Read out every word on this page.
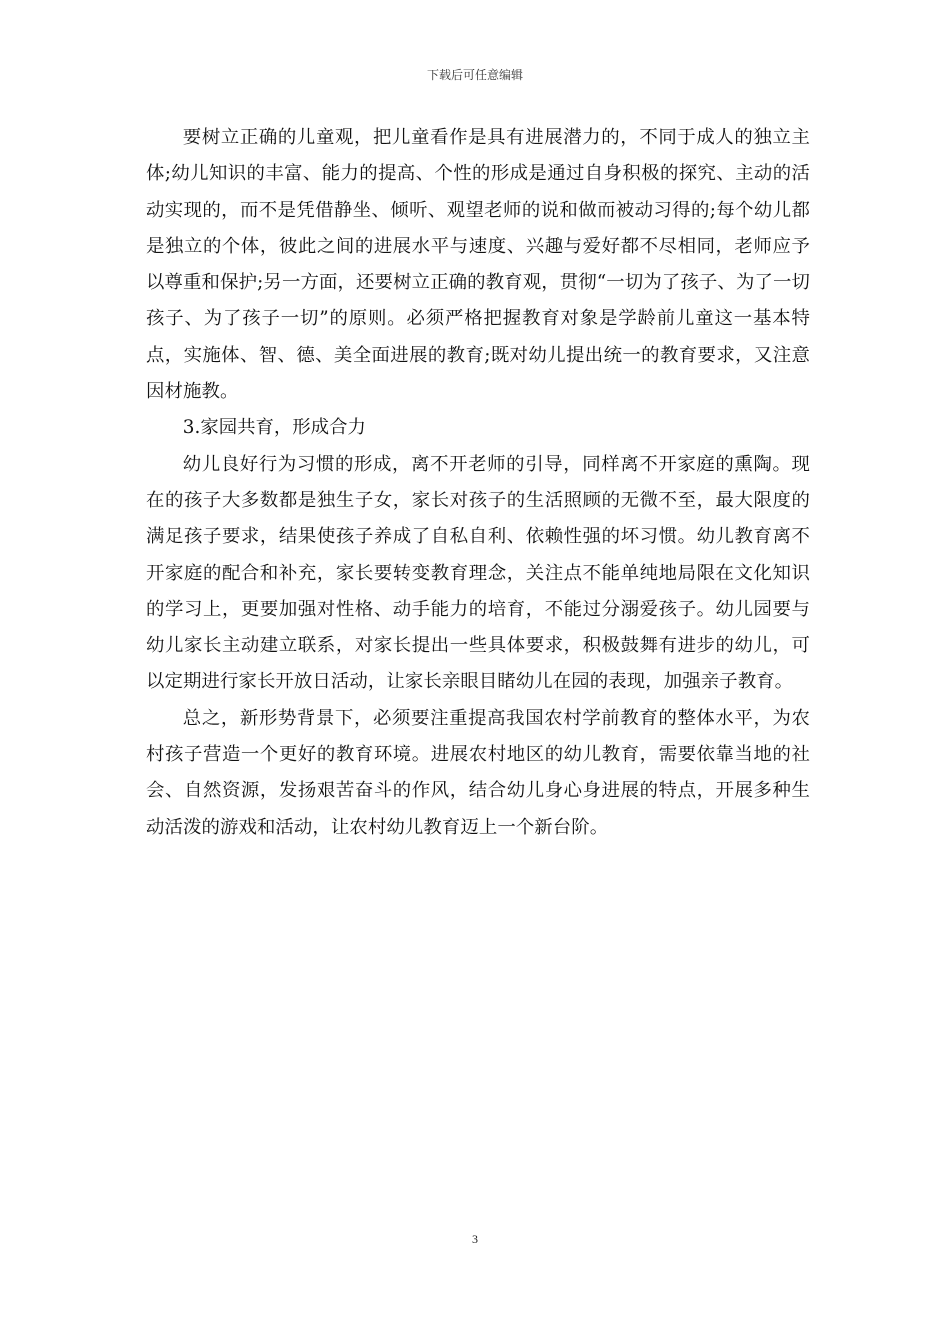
下载后可任意编辑

要树立正确的儿童观，把儿童看作是具有进展潜力的，不同于成人的独立主体;幼儿知识的丰富、能力的提高、个性的形成是通过自身积极的探究、主动的活动实现的，而不是凭借静坐、倾听、观望老师的说和做而被动习得的;每个幼儿都是独立的个体，彼此之间的进展水平与速度、兴趣与爱好都不尽相同，老师应予以尊重和保护;另一方面，还要树立正确的教育观，贯彻“一切为了孩子、为了一切孩子、为了孩子一切”的原则。必须严格把握教育对象是学龄前儿童这一基本特点，实施体、智、德、美全面进展的教育;既对幼儿提出统一的教育要求，又注意因材施教。

3.家园共育，形成合力

幼儿良好行为习惯的形成，离不开老师的引导，同样离不开家庭的熏陶。现在的孩子大多数都是独生子女，家长对孩子的生活照顾的无微不至，最大限度的满足孩子要求，结果使孩子养成了自私自利、依赖性强的坏习惯。幼儿教育离不开家庭的配合和补充，家长要转变教育理念，关注点不能单纯地局限在文化知识的学习上，更要加强对性格、动手能力的培育，不能过分溺爱孩子。幼儿园要与幼儿家长主动建立联系，对家长提出一些具体要求，积极鼓舞有进步的幼儿，可以定期进行家长开放日活动，让家长亲眼目睹幼儿在园的表现，加强亲子教育。

总之，新形势背景下，必须要注重提高我国农村学前教育的整体水平，为农村孩子营造一个更好的教育环境。进展农村地区的幼儿教育，需要依靠当地的社会、自然资源，发扬艰苦奋斗的作风，结合幼儿身心身进展的特点，开展多种生动活泼的游戏和活动，让农村幼儿教育迈上一个新台阶。

3
